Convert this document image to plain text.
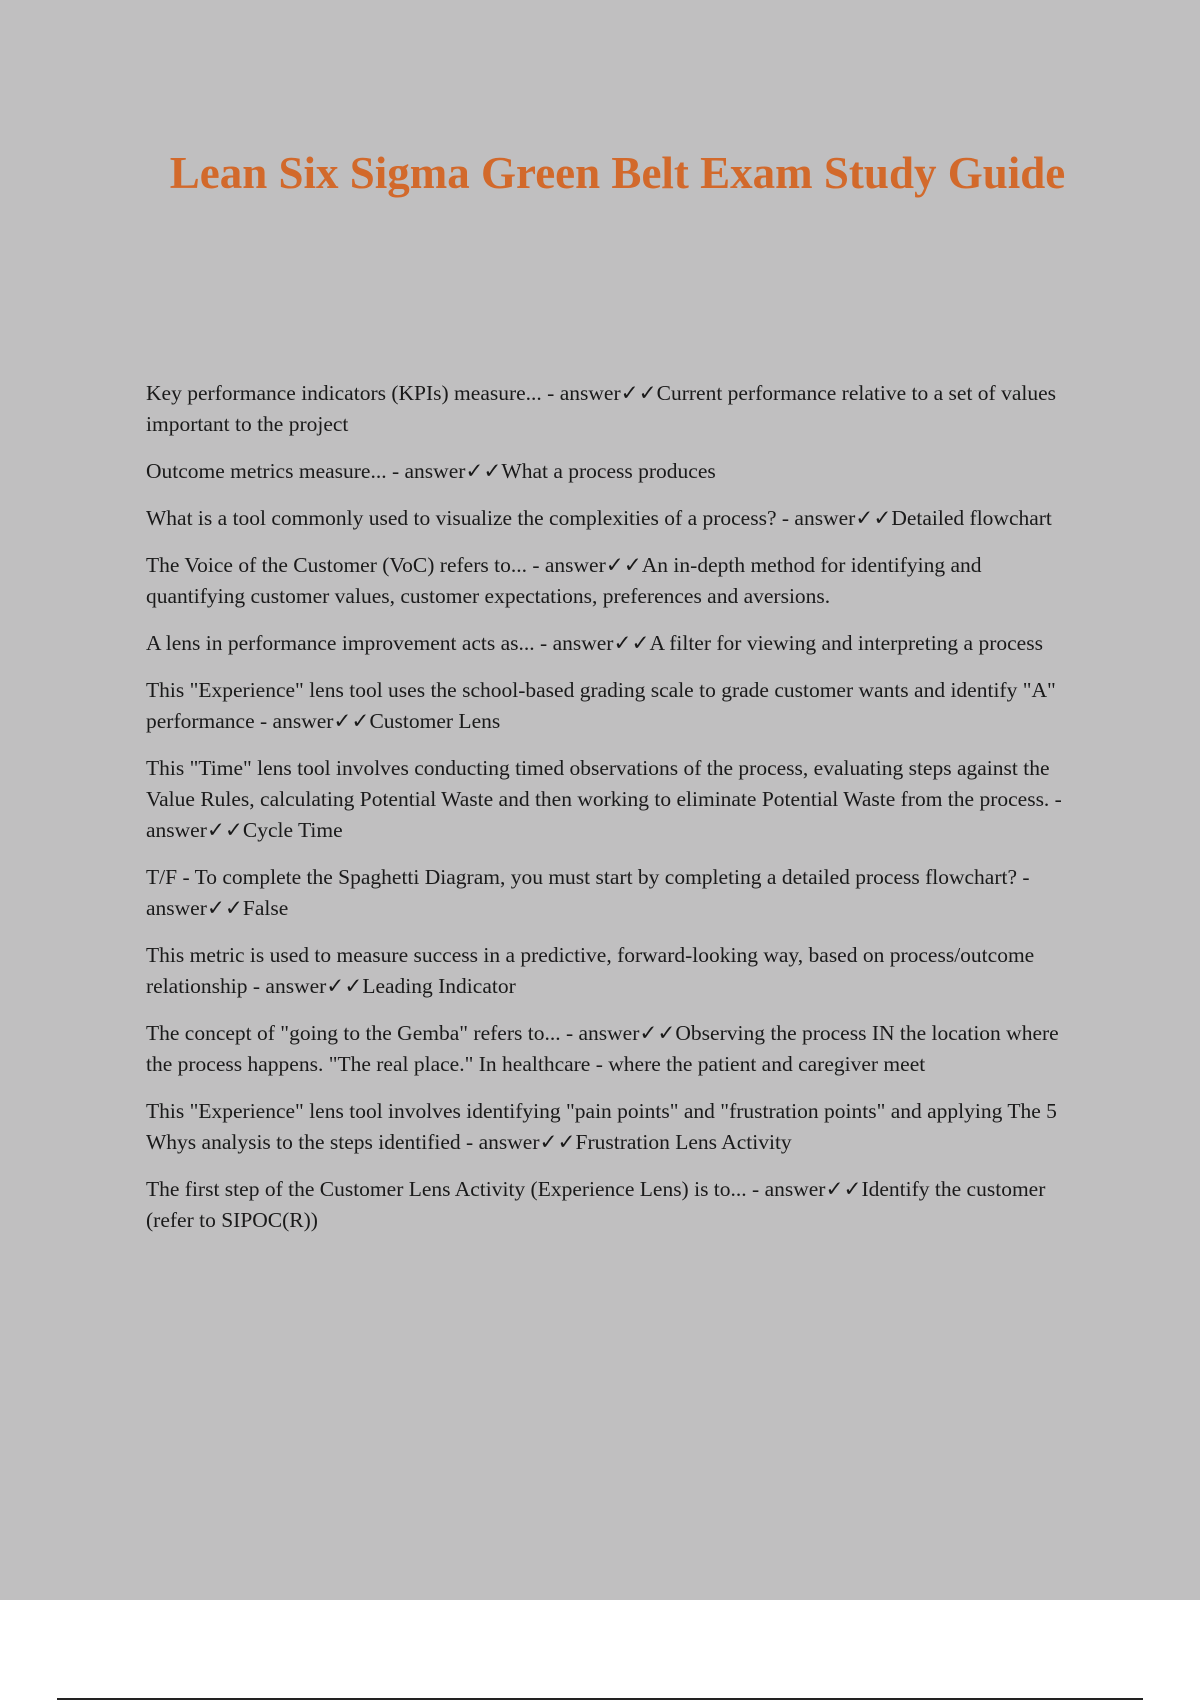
Lean Six Sigma Green Belt Exam Study Guide
Key performance indicators (KPIs) measure... - answer✓✓Current performance relative to a set of values important to the project
Outcome metrics measure... - answer✓✓What a process produces
What is a tool commonly used to visualize the complexities of a process? - answer✓✓Detailed flowchart
The Voice of the Customer (VoC) refers to... - answer✓✓An in-depth method for identifying and quantifying customer values, customer expectations, preferences and aversions.
A lens in performance improvement acts as... - answer✓✓A filter for viewing and interpreting a process
This "Experience" lens tool uses the school-based grading scale to grade customer wants and identify "A" performance - answer✓✓Customer Lens
This "Time" lens tool involves conducting timed observations of the process, evaluating steps against the Value Rules, calculating Potential Waste and then working to eliminate Potential Waste from the process. - answer✓✓Cycle Time
T/F - To complete the Spaghetti Diagram, you must start by completing a detailed process flowchart? - answer✓✓False
This metric is used to measure success in a predictive, forward-looking way, based on process/outcome relationship - answer✓✓Leading Indicator
The concept of "going to the Gemba" refers to... - answer✓✓Observing the process IN the location where the process happens. "The real place." In healthcare - where the patient and caregiver meet
This "Experience" lens tool involves identifying "pain points" and "frustration points" and applying The 5 Whys analysis to the steps identified - answer✓✓Frustration Lens Activity
The first step of the Customer Lens Activity (Experience Lens) is to... - answer✓✓Identify the customer (refer to SIPOC(R))
